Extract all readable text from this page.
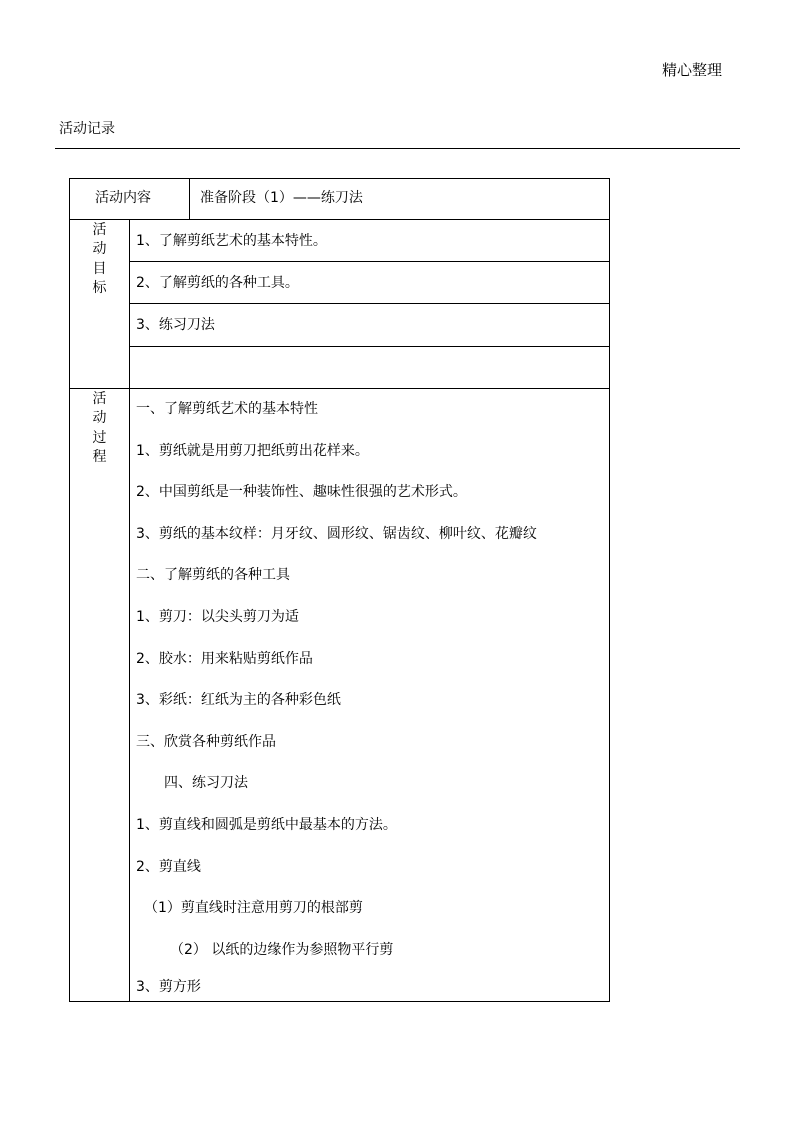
精心整理
活动记录
活动内容	准备阶段（1）——练刀法
活动目标
1、了解剪纸艺术的基本特性。
2、了解剪纸的各种工具。
3、练习刀法
活动过程
一、了解剪纸艺术的基本特性
1、剪纸就是用剪刀把纸剪出花样来。
2、中国剪纸是一种装饰性、趣味性很强的艺术形式。
3、剪纸的基本纹样：月牙纹、圆形纹、锯齿纹、柳叶纹、花瓣纹
二、了解剪纸的各种工具
1、剪刀：以尖头剪刀为适
2、胶水：用来粘贴剪纸作品
3、彩纸：红纸为主的各种彩色纸
三、欣赏各种剪纸作品
四、练习刀法
1、剪直线和圆弧是剪纸中最基本的方法。
2、剪直线
（1）剪直线时注意用剪刀的根部剪
（2） 以纸的边缘作为参照物平行剪
3、剪方形
